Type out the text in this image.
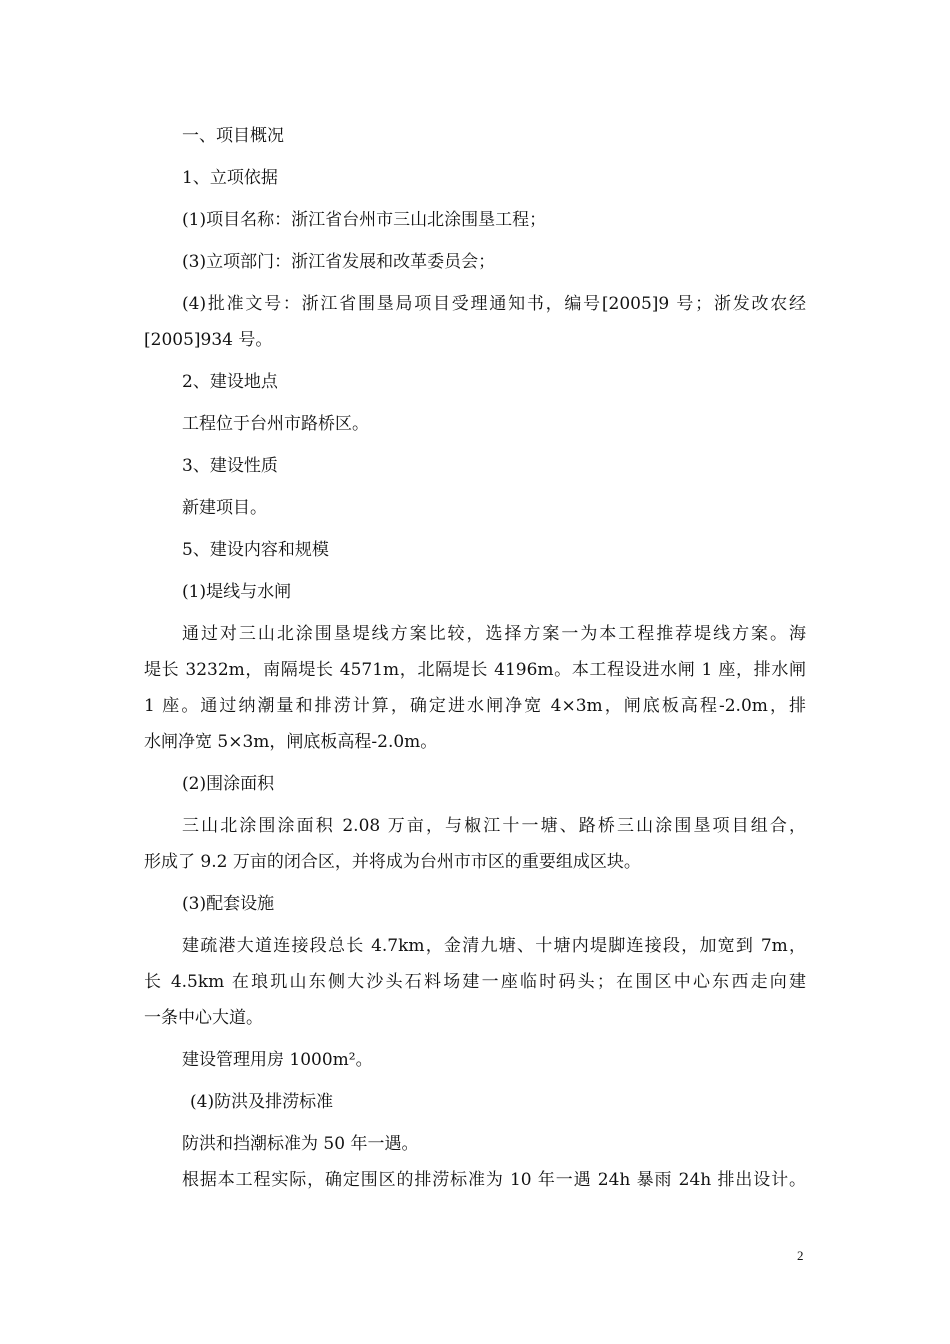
一、项目概况
1、立项依据
(1)项目名称：浙江省台州市三山北涂围垦工程；
(3)立项部门：浙江省发展和改革委员会；
(4)批准文号：浙江省围垦局项目受理通知书，编号[2005]9 号；浙发改农经
[2005]934 号。
2、建设地点
工程位于台州市路桥区。
3、建设性质
新建项目。
5、建设内容和规模
(1)堤线与水闸
通过对三山北涂围垦堤线方案比较，选择方案一为本工程推荐堤线方案。海
堤长 3232m，南隔堤长 4571m，北隔堤长 4196m。本工程设进水闸 1 座，排水闸
1 座。通过纳潮量和排涝计算，确定进水闸净宽 4×3m，闸底板高程-2.0m，排
水闸净宽 5×3m，闸底板高程-2.0m。
(2)围涂面积
三山北涂围涂面积 2.08 万亩，与椒江十一塘、路桥三山涂围垦项目组合，
形成了 9.2 万亩的闭合区，并将成为台州市市区的重要组成区块。
(3)配套设施
建疏港大道连接段总长 4.7km，金清九塘、十塘内堤脚连接段，加宽到 7m，
长 4.5km 在琅玑山东侧大沙头石料场建一座临时码头；在围区中心东西走向建
一条中心大道。
建设管理用房 1000m²。
(4)防洪及排涝标准
防洪和挡潮标准为 50 年一遇。
根据本工程实际，确定围区的排涝标准为 10 年一遇 24h 暴雨 24h 排出设计。
2
